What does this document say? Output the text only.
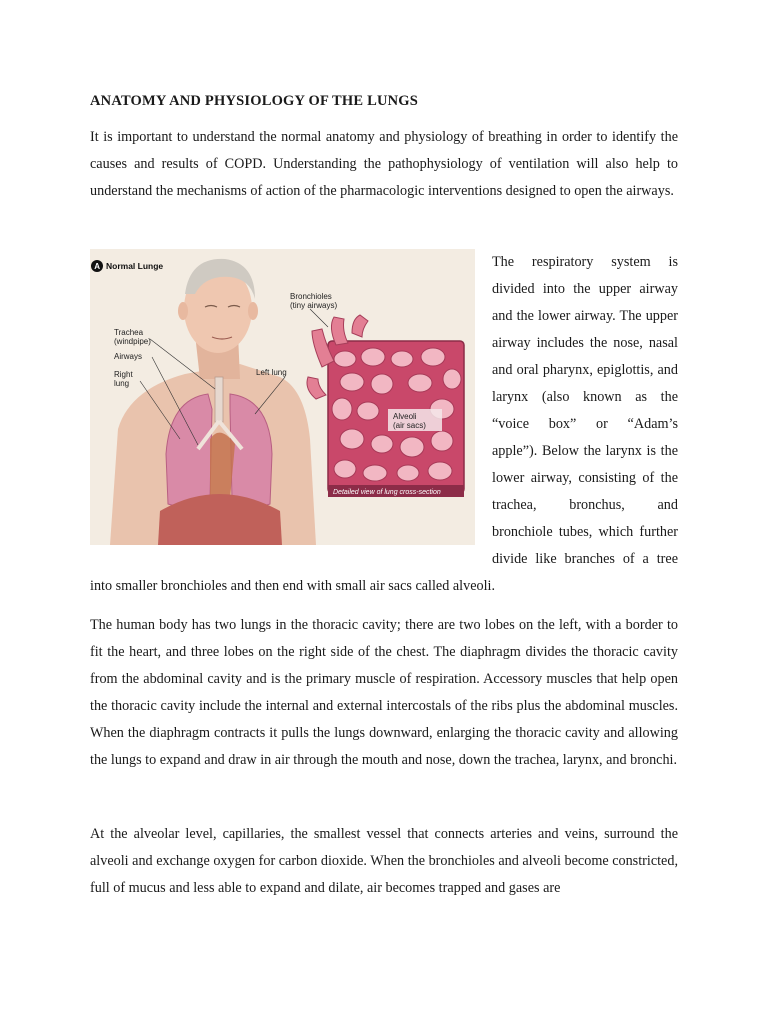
ANATOMY AND PHYSIOLOGY OF THE LUNGS

It is important to understand the normal anatomy and physiology of breathing in order to identify the causes and results of COPD. Understanding the pathophysiology of ventilation will also help to understand the mechanisms of action of the pharmacologic interventions designed to open the airways.

A Normal Lunge
Trachea
(windpipe)
Airways
Right
lung
Left lung
Bronchioles
(tiny airways)
Alveoli
(air sacs)
Detailed view of lung cross-section

The respiratory system is divided into the upper airway and the lower airway. The upper airway includes the nose, nasal and oral pharynx, epiglottis, and larynx (also known as the “voice box” or “Adam’s apple”). Below the larynx is the lower airway, consisting of the trachea, bronchus, and bronchiole tubes, which further divide like branches of a tree into smaller bronchioles and then end with small air sacs called alveoli.

The human body has two lungs in the thoracic cavity; there are two lobes on the left, with a border to fit the heart, and three lobes on the right side of the chest. The diaphragm divides the thoracic cavity from the abdominal cavity and is the primary muscle of respiration. Accessory muscles that help open the thoracic cavity include the internal and external intercostals of the ribs plus the abdominal muscles. When the diaphragm contracts it pulls the lungs downward, enlarging the thoracic cavity and allowing the lungs to expand and draw in air through the mouth and nose, down the trachea, larynx, and bronchi.

At the alveolar level, capillaries, the smallest vessel that connects arteries and veins, surround the alveoli and exchange oxygen for carbon dioxide. When the bronchioles and alveoli become constricted, full of mucus and less able to expand and dilate, air becomes trapped and gases are
